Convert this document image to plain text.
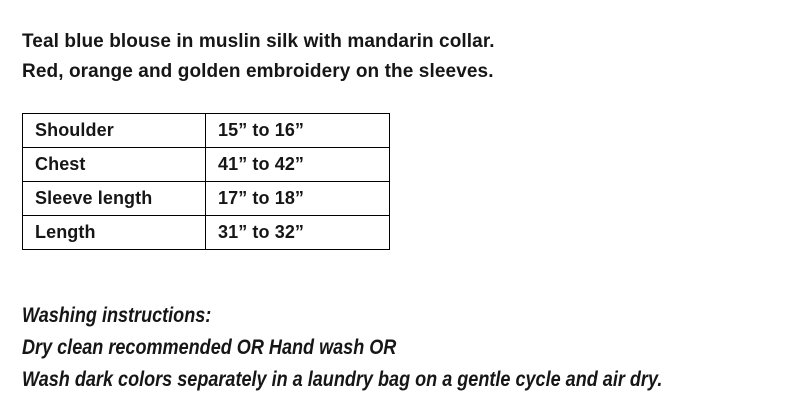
Teal blue blouse in muslin silk with mandarin collar.
Red, orange and golden embroidery on the sleeves.
Shoulder	15” to 16”
Chest	41” to 42”
Sleeve length	17” to 18”
Length	31” to 32”
Washing instructions:
Dry clean recommended OR Hand wash OR
Wash dark colors separately in a laundry bag on a gentle cycle and air dry.
